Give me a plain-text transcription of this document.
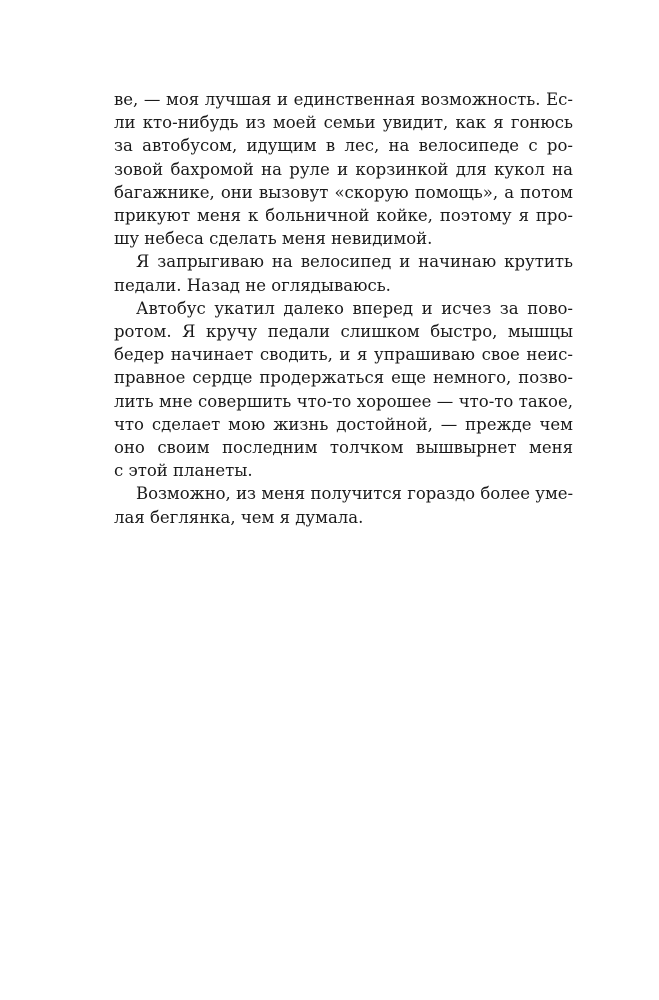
ве, — моя лучшая и единственная возможность. Ес-
ли кто-нибудь из моей семьи увидит, как я гонюсь
за автобусом, идущим в лес, на велосипеде с ро-
зовой бахромой на руле и корзинкой для кукол на
багажнике, они вызовут «скорую помощь», а потом
прикуют меня к больничной койке, поэтому я про-
шу небеса сделать меня невидимой.
Я запрыгиваю на велосипед и начинаю крутить
педали. Назад не оглядываюсь.
Автобус укатил далеко вперед и исчез за пово-
ротом. Я кручу педали слишком быстро, мышцы
бедер начинает сводить, и я упрашиваю свое неис-
правное сердце продержаться еще немного, позво-
лить мне совершить что-то хорошее — что-то такое,
что сделает мою жизнь достойной, — прежде чем
оно своим последним толчком вышвырнет меня
с этой планеты.
Возможно, из меня получится гораздо более уме-
лая беглянка, чем я думала.
